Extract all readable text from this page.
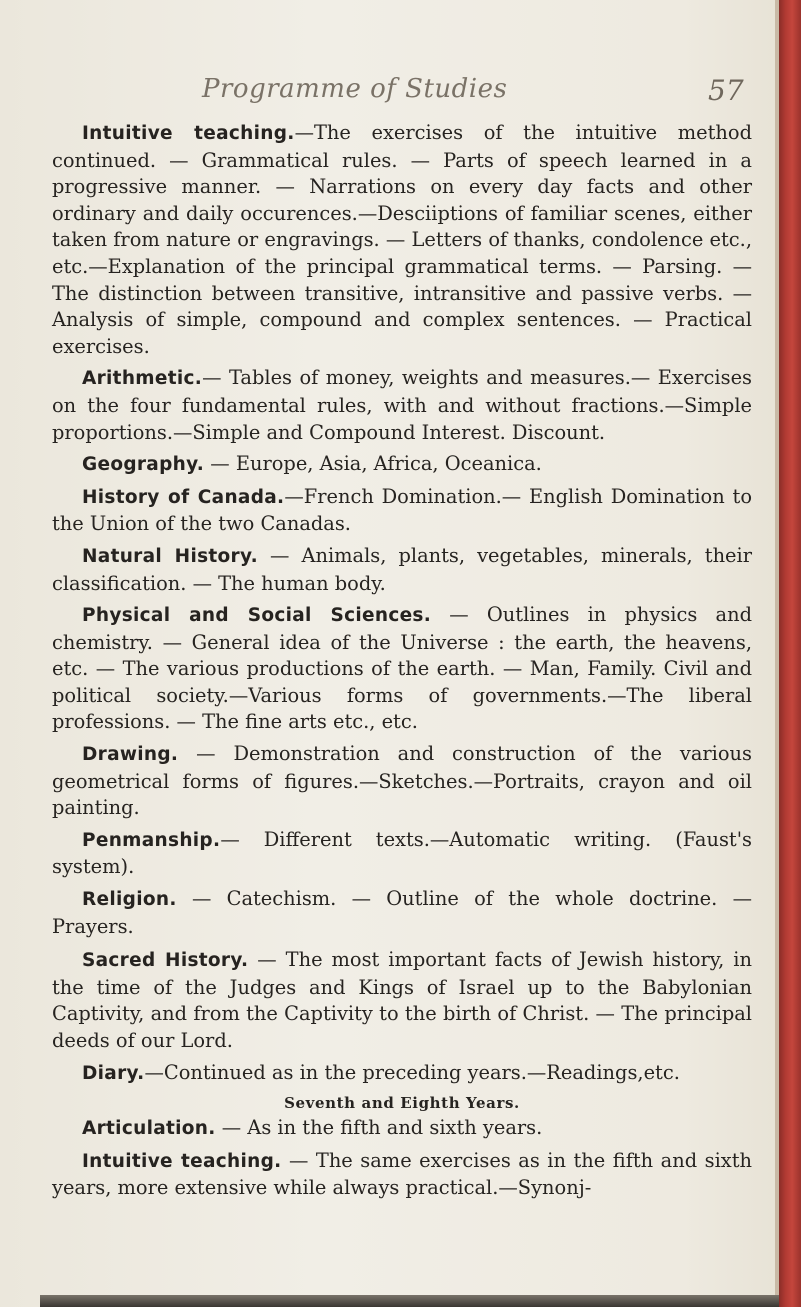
Programme of Studies	57

Intuitive teaching.—The exercises of the intuitive method continued. — Grammatical rules. — Parts of speech learned in a progressive manner. — Narrations on every day facts and other ordinary and daily occurences.—Desciiptions of familiar scenes, either taken from nature or engravings. — Letters of thanks, condolence etc., etc.—Explanation of the principal grammatical terms. — Parsing. — The distinction between transitive, intransitive and passive verbs. — Analysis of simple, compound and complex sentences. — Practical exercises.

Arithmetic.— Tables of money, weights and measures.— Exercises on the four fundamental rules, with and without fractions.—Simple proportions.—Simple and Compound Interest. Discount.

Geography. — Europe, Asia, Africa, Oceanica.

History of Canada.—French Domination.— English Domination to the Union of the two Canadas.

Natural History. — Animals, plants, vegetables, minerals, their classification. — The human body.

Physical and Social Sciences. — Outlines in physics and chemistry. — General idea of the Universe : the earth, the heavens, etc. — The various productions of the earth. — Man, Family. Civil and political society.—Various forms of governments.—The liberal professions. — The fine arts etc., etc.

Drawing. — Demonstration and construction of the various geometrical forms of figures.—Sketches.—Portraits, crayon and oil painting.

Penmanship.— Different texts.—Automatic writing. (Faust's system).

Religion. — Catechism. — Outline of the whole doctrine. — Prayers.

Sacred History. — The most important facts of Jewish history, in the time of the Judges and Kings of Israel up to the Babylonian Captivity, and from the Captivity to the birth of Christ. — The principal deeds of our Lord.

Diary.—Continued as in the preceding years.—Readings,etc.

Seventh and Eighth Years.

Articulation. — As in the fifth and sixth years.

Intuitive teaching. — The same exercises as in the fifth and sixth years, more extensive while always practical.—Synonj-
